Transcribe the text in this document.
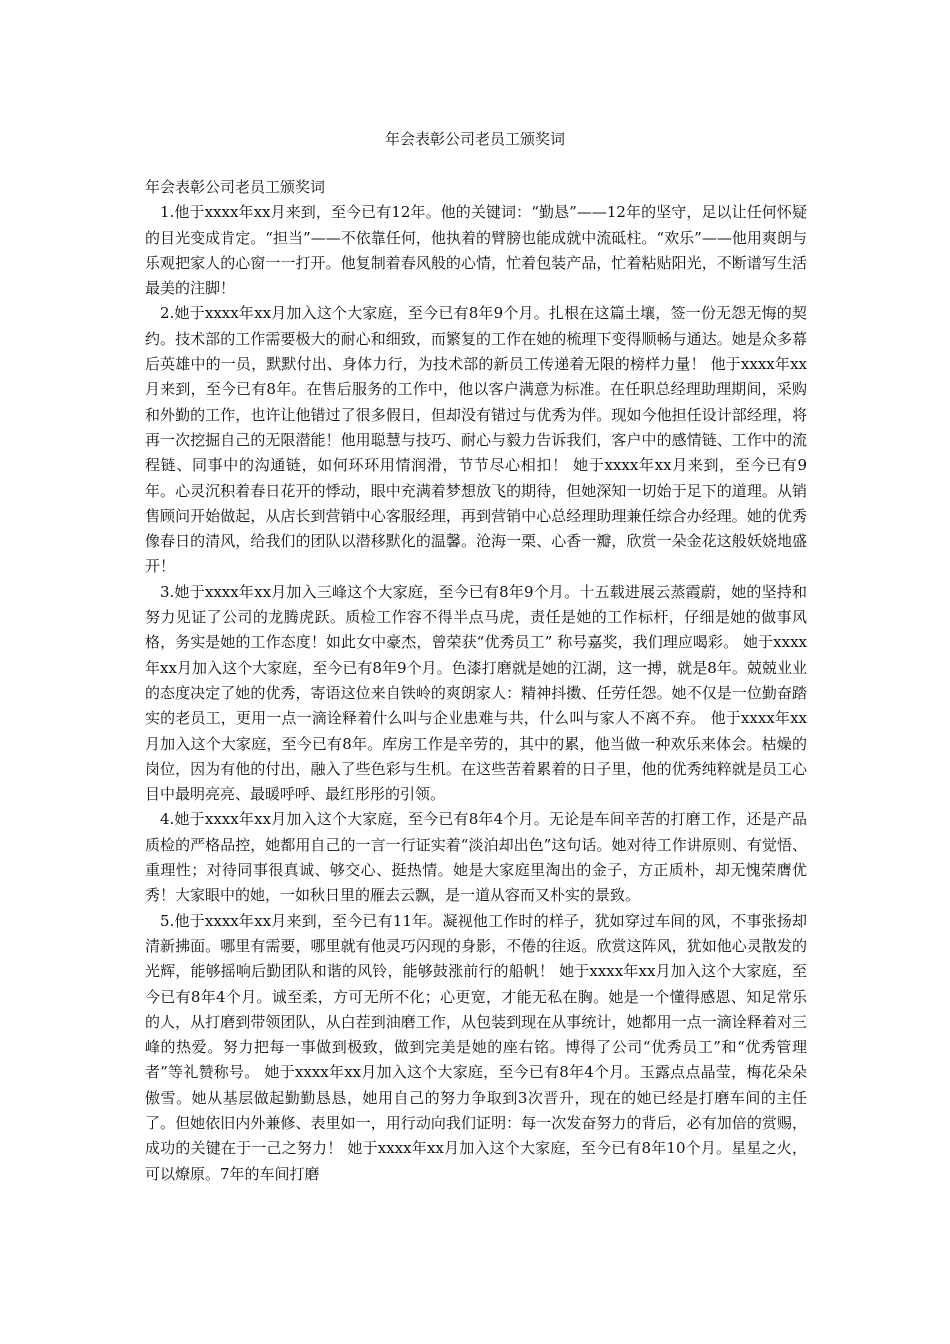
年会表彰公司老员工颁奖词

年会表彰公司老员工颁奖词

1.他于xxxx年xx月来到，至今已有12年。他的关键词：“勤恳”——12年的坚守，足以让任何怀疑的目光变成肯定。“担当”——不依靠任何，他执着的臂膀也能成就中流砥柱。“欢乐”——他用爽朗与乐观把家人的心窗一一打开。他复制着春风般的心情，忙着包装产品，忙着粘贴阳光，不断谱写生活最美的注脚！

2.她于xxxx年xx月加入这个大家庭，至今已有8年9个月。扎根在这篇土壤，签一份无怨无悔的契约。技术部的工作需要极大的耐心和细致，而繁复的工作在她的梳理下变得顺畅与通达。她是众多幕后英雄中的一员，默默付出、身体力行，为技术部的新员工传递着无限的榜样力量！ 他于xxxx年xx月来到，至今已有8年。在售后服务的工作中，他以客户满意为标准。在任职总经理助理期间，采购和外勤的工作，也许让他错过了很多假日，但却没有错过与优秀为伴。现如今他担任设计部经理，将再一次挖掘自己的无限潜能！他用聪慧与技巧、耐心与毅力告诉我们，客户中的感情链、工作中的流程链、同事中的沟通链，如何环环用情润滑，节节尽心相扣！ 她于xxxx年xx月来到，至今已有9年。心灵沉积着春日花开的悸动，眼中充满着梦想放飞的期待，但她深知一切始于足下的道理。从销售顾问开始做起，从店长到营销中心客服经理，再到营销中心总经理助理兼任综合办经理。她的优秀像春日的清风，给我们的团队以潜移默化的温馨。沧海一栗、心香一瓣，欣赏一朵金花这般妖娆地盛开！

3.她于xxxx年xx月加入三峰这个大家庭，至今已有8年9个月。十五载进展云蒸霞蔚，她的坚持和努力见证了公司的龙腾虎跃。质检工作容不得半点马虎，责任是她的工作标杆，仔细是她的做事风格，务实是她的工作态度！如此女中豪杰，曾荣获“优秀员工” 称号嘉奖，我们理应喝彩。 她于xxxx年xx月加入这个大家庭，至今已有8年9个月。色漆打磨就是她的江湖，这一搏，就是8年。兢兢业业的态度决定了她的优秀，寄语这位来自铁岭的爽朗家人：精神抖擞、任劳任怨。她不仅是一位勤奋踏实的老员工，更用一点一滴诠释着什么叫与企业患难与共，什么叫与家人不离不弃。 他于xxxx年xx月加入这个大家庭，至今已有8年。库房工作是辛劳的，其中的累，他当做一种欢乐来体会。枯燥的岗位，因为有他的付出，融入了些色彩与生机。在这些苦着累着的日子里，他的优秀纯粹就是员工心目中最明亮亮、最暖呼呼、最红彤彤的引领。

4.她于xxxx年xx月加入这个大家庭，至今已有8年4个月。无论是车间辛苦的打磨工作，还是产品质检的严格品控，她都用自己的一言一行证实着“淡泊却出色”这句话。她对待工作讲原则、有觉悟、重理性；对待同事很真诚、够交心、挺热情。她是大家庭里淘出的金子，方正质朴，却无愧荣膺优秀！大家眼中的她，一如秋日里的雁去云飘，是一道从容而又朴实的景致。

5.他于xxxx年xx月来到，至今已有11年。凝视他工作时的样子，犹如穿过车间的风，不事张扬却清新拂面。哪里有需要，哪里就有他灵巧闪现的身影，不倦的往返。欣赏这阵风，犹如他心灵散发的光辉，能够摇响后勤团队和谐的风铃，能够鼓涨前行的船帆！ 她于xxxx年xx月加入这个大家庭，至今已有8年4个月。诚至柔，方可无所不化；心更宽，才能无私在胸。她是一个懂得感恩、知足常乐的人，从打磨到带领团队，从白茬到油磨工作，从包装到现在从事统计，她都用一点一滴诠释着对三峰的热爱。努力把每一事做到极致，做到完美是她的座右铭。博得了公司“优秀员工”和“优秀管理者”等礼赞称号。 她于xxxx年xx月加入这个大家庭，至今已有8年4个月。玉露点点晶莹，梅花朵朵傲雪。她从基层做起勤勤恳恳，她用自己的努力争取到3次晋升，现在的她已经是打磨车间的主任了。但她依旧内外兼修、表里如一，用行动向我们证明：每一次发奋努力的背后，必有加倍的赏赐，成功的关键在于一己之努力！ 她于xxxx年xx月加入这个大家庭，至今已有8年10个月。星星之火，可以燎原。7年的车间打磨
